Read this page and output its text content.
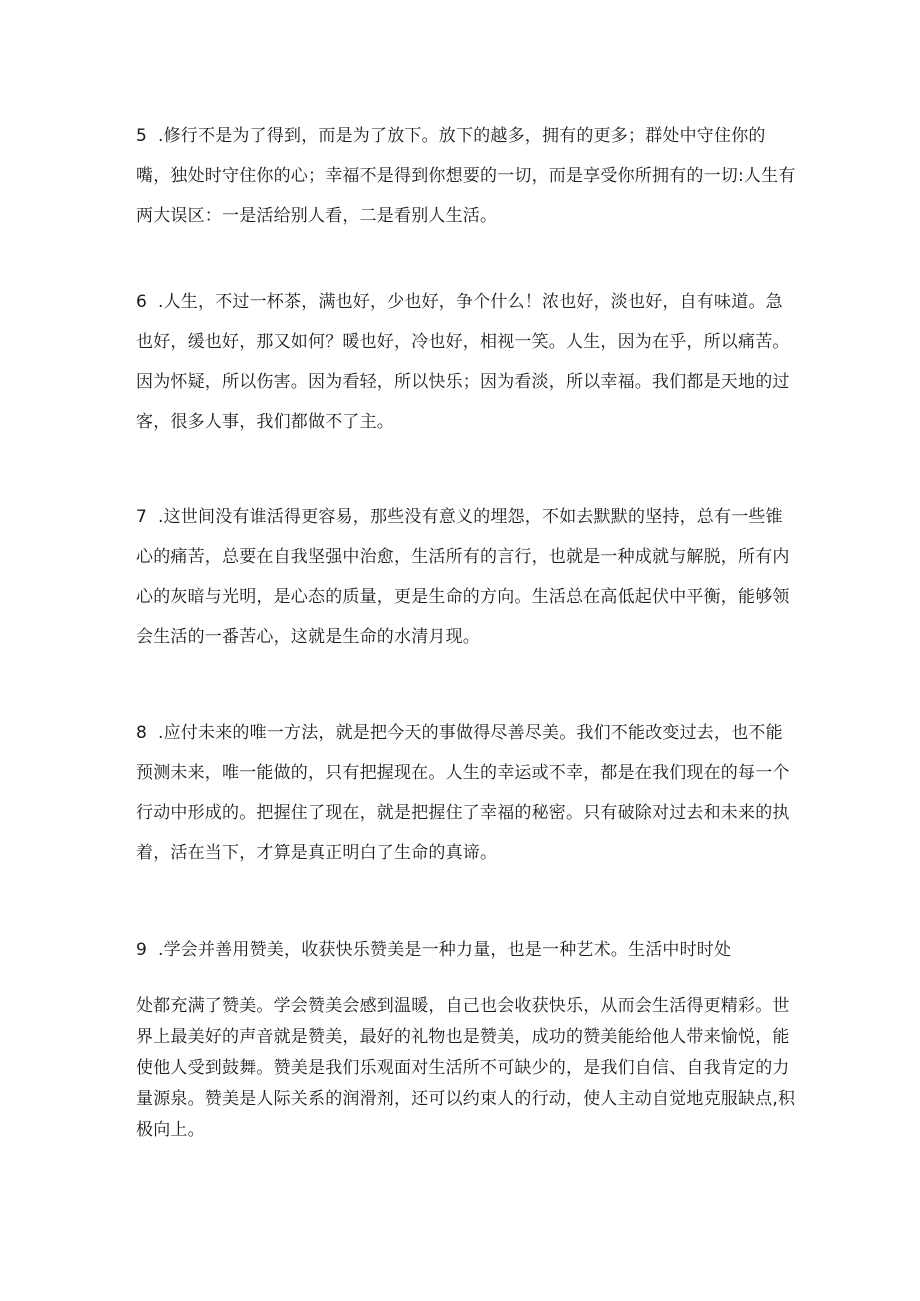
5 .修行不是为了得到，而是为了放下。放下的越多，拥有的更多；群处中守住你的嘴，独处时守住你的心；幸福不是得到你想要的一切，而是享受你所拥有的一切:人生有两大误区：一是活给别人看，二是看别人生活。

6 .人生，不过一杯茶，满也好，少也好，争个什么！浓也好，淡也好，自有味道。急也好，缓也好，那又如何？暖也好，冷也好，相视一笑。人生，因为在乎，所以痛苦。因为怀疑，所以伤害。因为看轻，所以快乐；因为看淡，所以幸福。我们都是天地的过客，很多人事，我们都做不了主。

7 .这世间没有谁活得更容易，那些没有意义的埋怨，不如去默默的坚持，总有一些锥心的痛苦，总要在自我坚强中治愈，生活所有的言行，也就是一种成就与解脱，所有内心的灰暗与光明，是心态的质量，更是生命的方向。生活总在高低起伏中平衡，能够领会生活的一番苦心，这就是生命的水清月现。

8 .应付未来的唯一方法，就是把今天的事做得尽善尽美。我们不能改变过去，也不能预测未来，唯一能做的，只有把握现在。人生的幸运或不幸，都是在我们现在的每一个行动中形成的。把握住了现在，就是把握住了幸福的秘密。只有破除对过去和未来的执着，活在当下，才算是真正明白了生命的真谛。

9 .学会并善用赞美，收获快乐赞美是一种力量，也是一种艺术。生活中时时处

处都充满了赞美。学会赞美会感到温暖，自己也会收获快乐，从而会生活得更精彩。世界上最美好的声音就是赞美，最好的礼物也是赞美，成功的赞美能给他人带来愉悦，能使他人受到鼓舞。赞美是我们乐观面对生活所不可缺少的，是我们自信、自我肯定的力量源泉。赞美是人际关系的润滑剂，还可以约束人的行动，使人主动自觉地克服缺点,积极向上。
